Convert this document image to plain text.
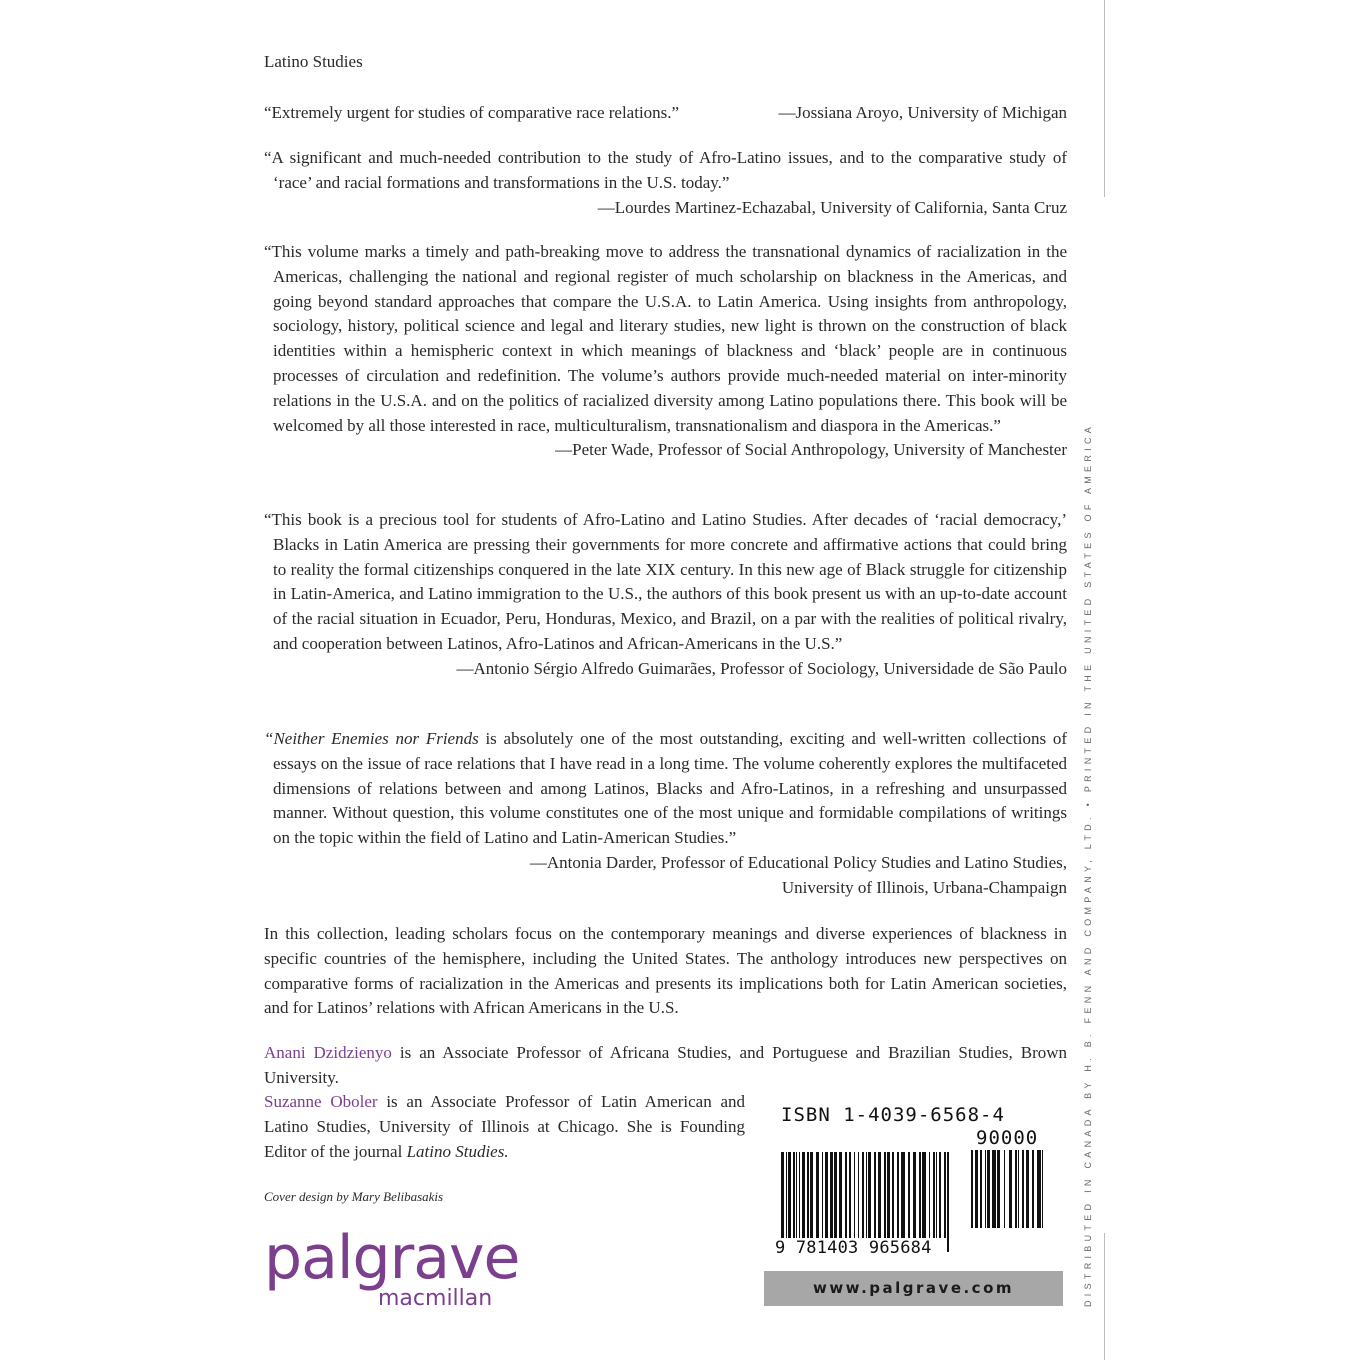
DISTRIBUTED IN CANADA BY H. B. FENN AND COMPANY, LTD. • PRINTED IN THE UNITED STATES OF AMERICA
Latino Studies
“Extremely urgent for studies of comparative race relations.”	—Jossiana Aroyo, University of Michigan
“A significant and much-needed contribution to the study of Afro-Latino issues, and to the comparative study of ‘race’ and racial formations and transformations in the U.S. today.”
—Lourdes Martinez-Echazabal, University of California, Santa Cruz
“This volume marks a timely and path-breaking move to address the transnational dynamics of racialization in the Americas, challenging the national and regional register of much scholarship on blackness in the Americas, and going beyond standard approaches that compare the U.S.A. to Latin America. Using insights from anthropology, sociology, history, political science and legal and literary studies, new light is thrown on the construction of black identities within a hemispheric context in which meanings of blackness and ‘black’ people are in continuous processes of circulation and redefinition. The volume’s authors provide much-needed material on inter-minority relations in the U.S.A. and on the politics of racialized diversity among Latino populations there. This book will be welcomed by all those interested in race, multiculturalism, transnationalism and diaspora in the Americas.”
—Peter Wade, Professor of Social Anthropology, University of Manchester
“This book is a precious tool for students of Afro-Latino and Latino Studies. After decades of ‘racial democracy,’ Blacks in Latin America are pressing their governments for more concrete and affirmative actions that could bring to reality the formal citizenships conquered in the late XIX century. In this new age of Black struggle for citizenship in Latin-America, and Latino immigration to the U.S., the authors of this book present us with an up-to-date account of the racial situation in Ecuador, Peru, Honduras, Mexico, and Brazil, on a par with the realities of political rivalry, and cooperation between Latinos, Afro-Latinos and African-Americans in the U.S.”
—Antonio Sérgio Alfredo Guimarães, Professor of Sociology, Universidade de São Paulo
“Neither Enemies nor Friends is absolutely one of the most outstanding, exciting and well-written collections of essays on the issue of race relations that I have read in a long time. The volume coherently explores the multifaceted dimensions of relations between and among Latinos, Blacks and Afro-Latinos, in a refreshing and unsurpassed manner. Without question, this volume constitutes one of the most unique and formidable compilations of writings on the topic within the field of Latino and Latin-American Studies.”
—Antonia Darder, Professor of Educational Policy Studies and Latino Studies,
University of Illinois, Urbana-Champaign
In this collection, leading scholars focus on the contemporary meanings and diverse experiences of blackness in specific countries of the hemisphere, including the United States. The anthology introduces new perspectives on comparative forms of racialization in the Americas and presents its implications both for Latin American societies, and for Latinos’ relations with African Americans in the U.S.
Anani Dzidzienyo is an Associate Professor of Africana Studies, and Portuguese and Brazilian Studies, Brown University.
Suzanne Oboler is an Associate Professor of Latin American and Latino Studies, University of Illinois at Chicago. She is Founding Editor of the journal Latino Studies.
Cover design by Mary Belibasakis
palgrave
macmillan
ISBN 1-4039-6568-4
90000
9 781403 965684
www.palgrave.com
